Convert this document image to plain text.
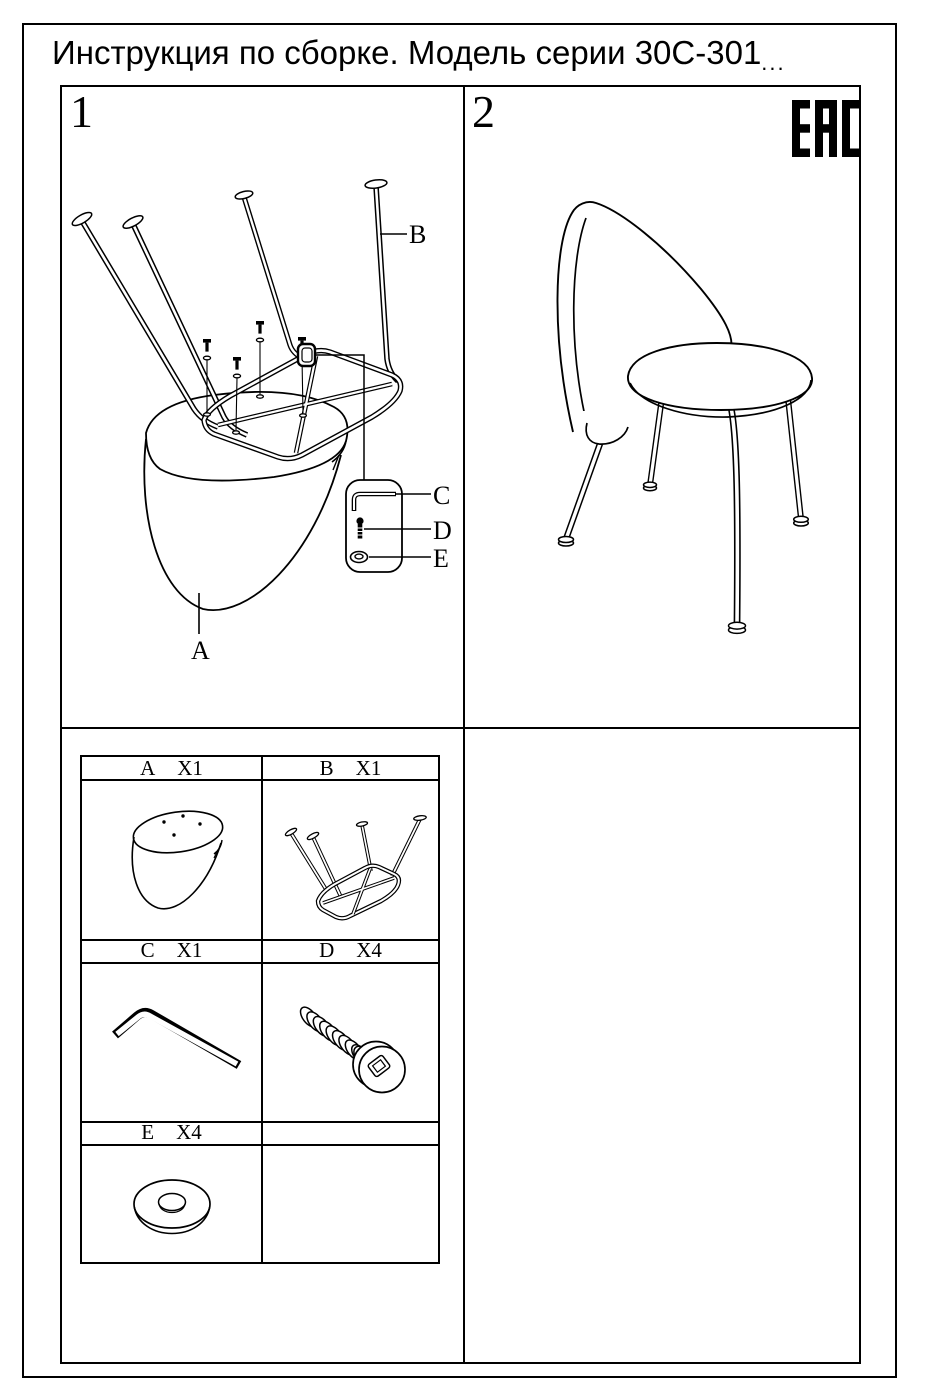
Инструкция по сборке. Модель серии 30C-301...
1
B
A
C
D
E
2
A X1	B X1
C X1	D X4
E X4
